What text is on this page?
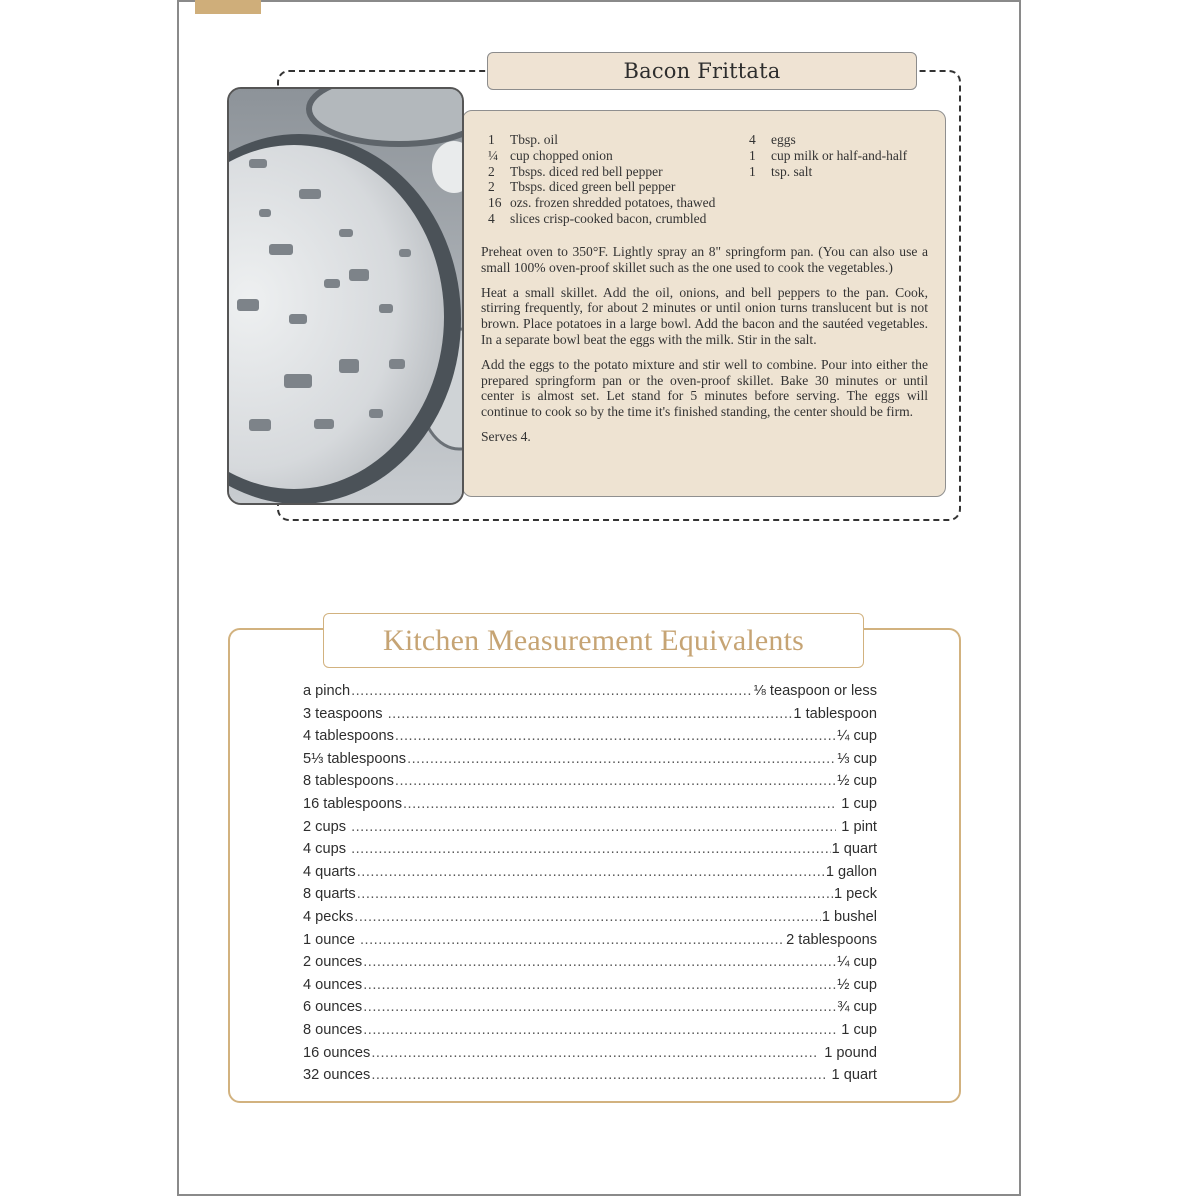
Bacon Frittata
1	Tbsp. oil
¼ cup chopped onion
2	Tbsps. diced red bell pepper
2	Tbsps. diced green bell pepper
16 ozs. frozen shredded potatoes, thawed
4	slices crisp-cooked bacon, crumbled
4	eggs
1	cup milk or half-and-half
1	tsp. salt

Preheat oven to 350°F. Lightly spray an 8" springform pan. (You can also use a small 100% oven-proof skillet such as the one used to cook the vegetables.)

Heat a small skillet. Add the oil, onions, and bell peppers to the pan. Cook, stirring frequently, for about 2 minutes or until onion turns translucent but is not brown. Place potatoes in a large bowl. Add the bacon and the sautéed vegetables. In a separate bowl beat the eggs with the milk. Stir in the salt.

Add the eggs to the potato mixture and stir well to combine. Pour into either the prepared springform pan or the oven-proof skillet. Bake 30 minutes or until center is almost set. Let stand for 5 minutes before serving. The eggs will continue to cook so by the time it's finished standing, the center should be firm.

Serves 4.

Kitchen Measurement Equivalents
a pinch .....	⅛ teaspoon or less
3 teaspoons .....	1 tablespoon
4 tablespoons .....	¼ cup
5⅓ tablespoons .....	⅓ cup
8 tablespoons .....	½ cup
16 tablespoons .....	1 cup
2 cups .....	1 pint
4 cups .....	1 quart
4 quarts .....	1 gallon
8 quarts .....	1 peck
4 pecks .....	1 bushel
1 ounce .....	2 tablespoons
2 ounces .....	¼ cup
4 ounces .....	½ cup
6 ounces .....	¾ cup
8 ounces .....	1 cup
16 ounces .....	1 pound
32 ounces .....	1 quart
